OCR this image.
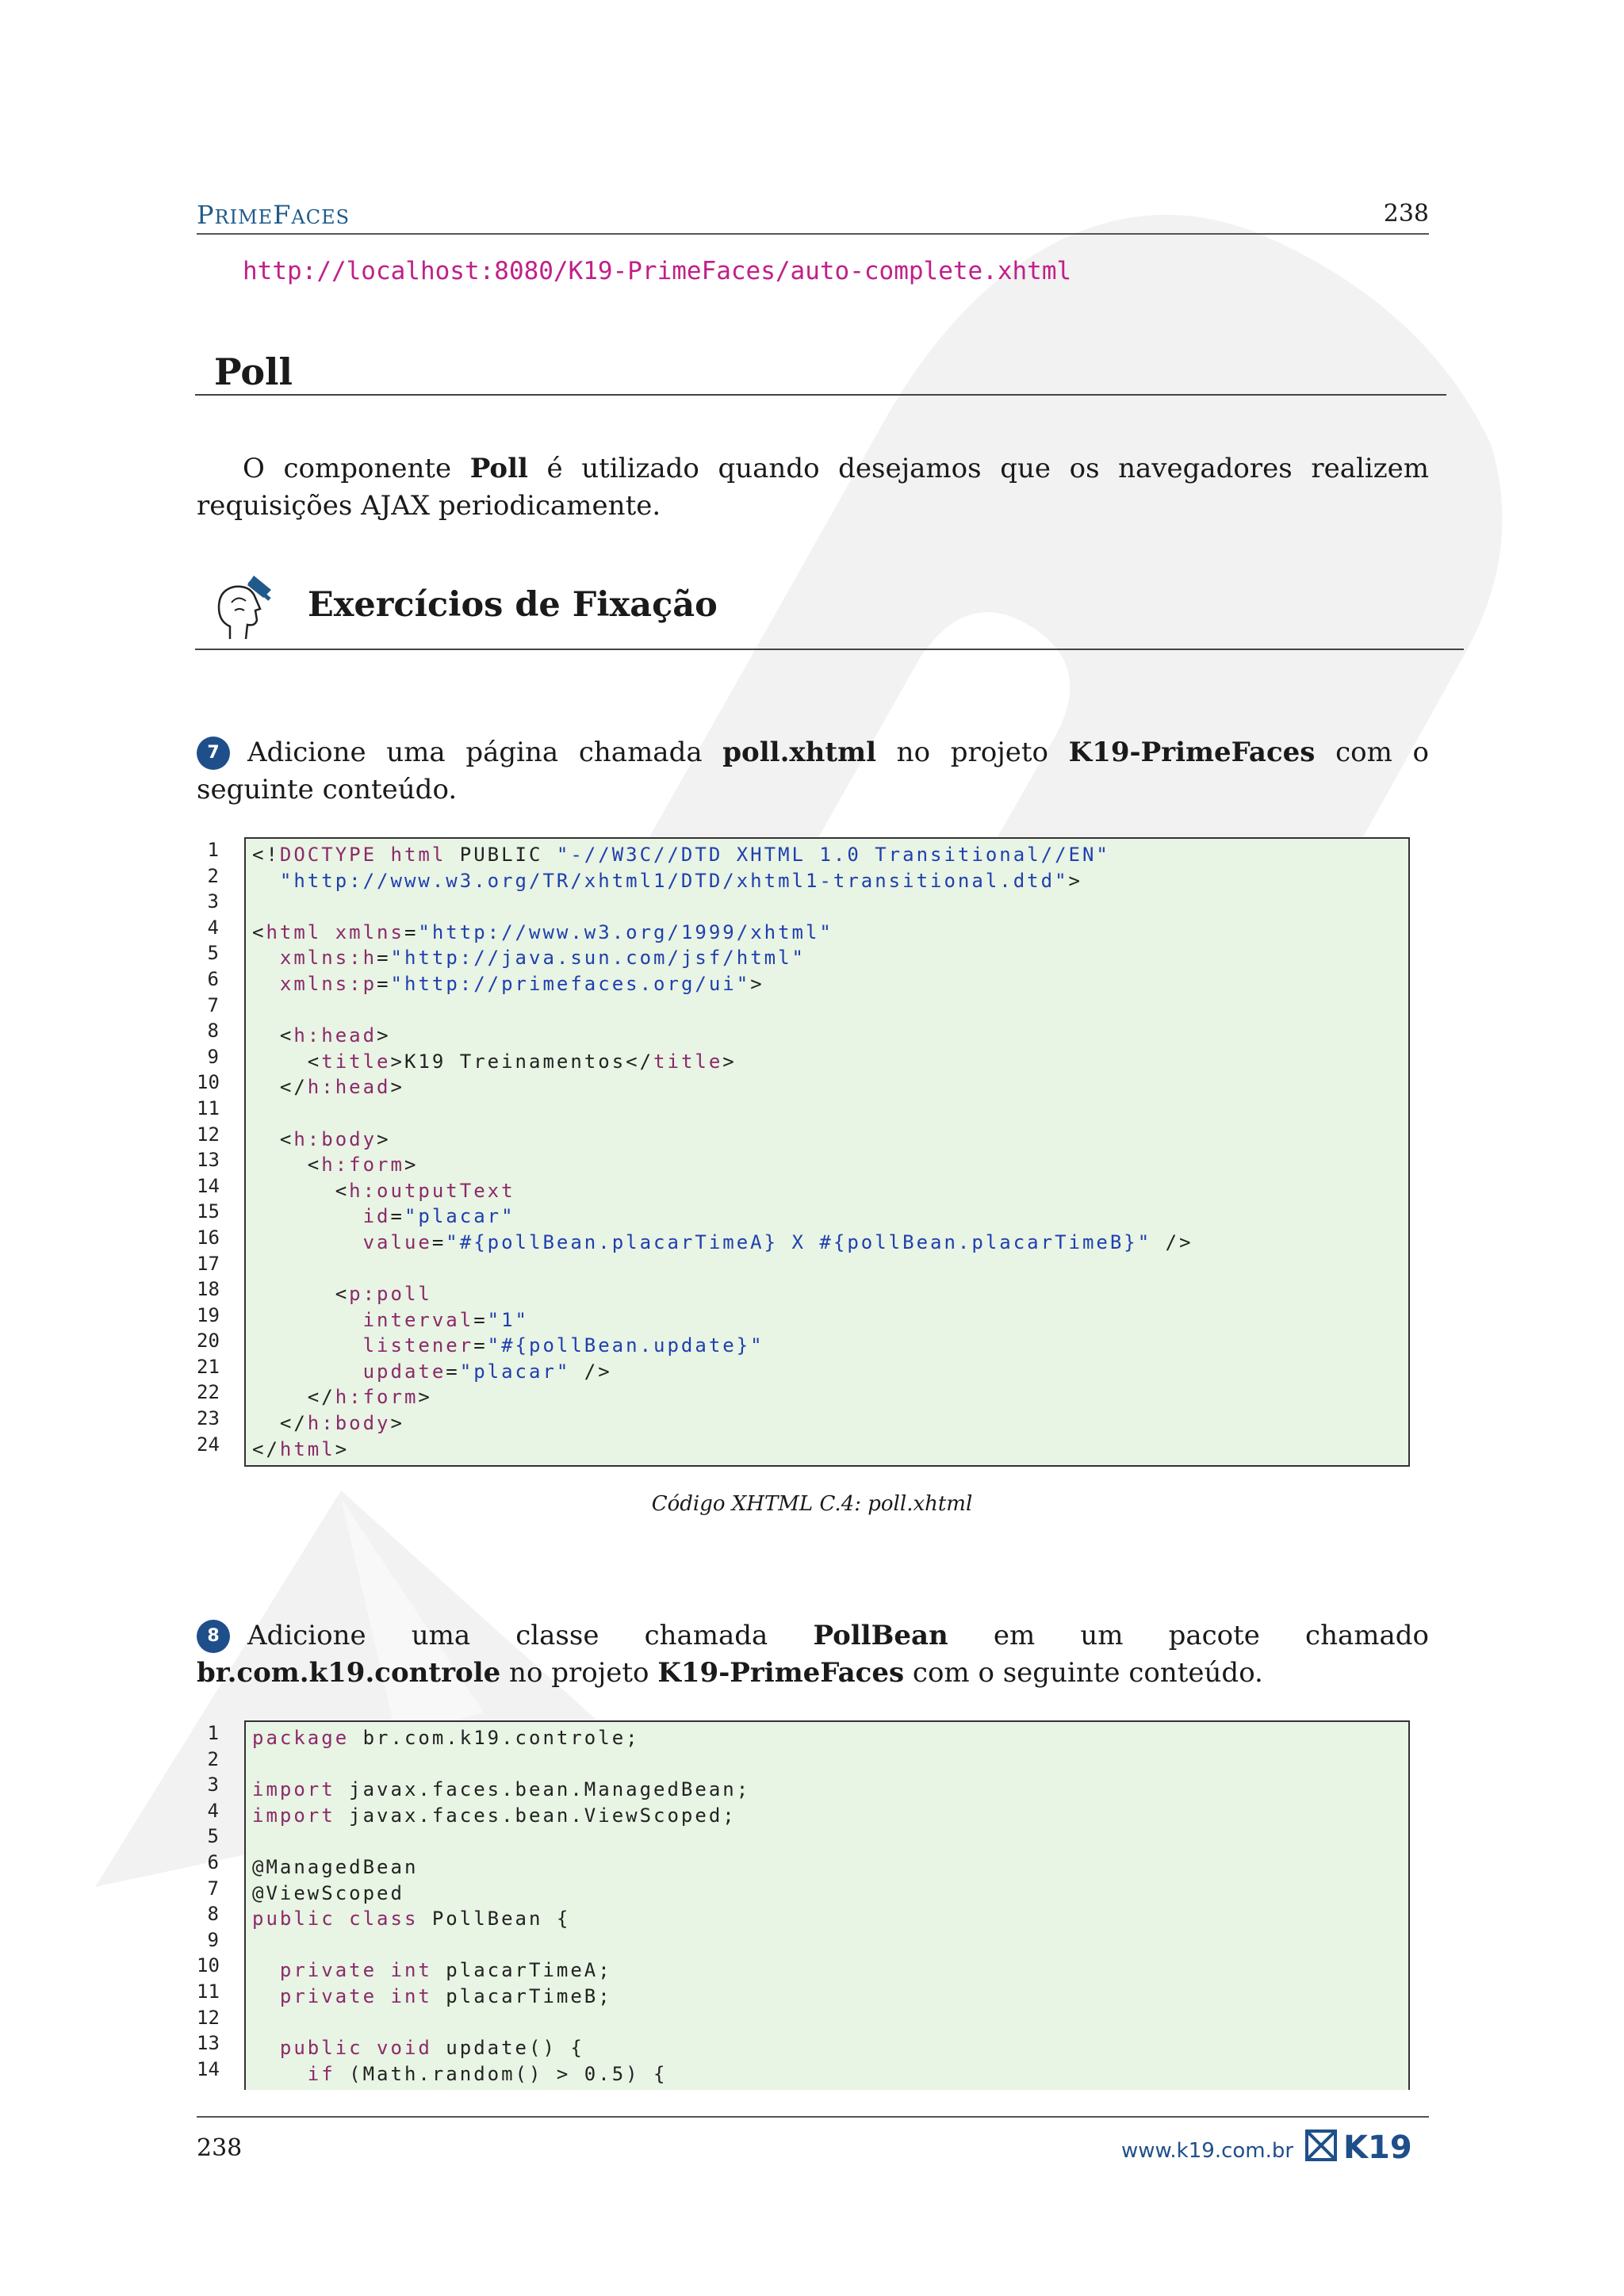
PRIMEFACES	238
http://localhost:8080/K19-PrimeFaces/auto-complete.xhtml
Poll
O componente Poll é utilizado quando desejamos que os navegadores realizem requisições AJAX periodicamente.
Exercícios de Fixação
7 Adicione uma página chamada poll.xhtml no projeto K19-PrimeFaces com o seguinte conteúdo.
1
2
3
4
5
6
7
8
9
10
11
12
13
14
15
16
17
18
19
20
21
22
23
24
<!DOCTYPE html PUBLIC "-//W3C//DTD XHTML 1.0 Transitional//EN"
"http://www.w3.org/TR/xhtml1/DTD/xhtml1-transitional.dtd">

<html xmlns="http://www.w3.org/1999/xhtml"
xmlns:h="http://java.sun.com/jsf/html"
xmlns:p="http://primefaces.org/ui">

<h:head>
<title>K19 Treinamentos</title>
</h:head>

<h:body>
<h:form>
<h:outputText
id="placar"
value="#{pollBean.placarTimeA} X #{pollBean.placarTimeB}" />

<p:poll
interval="1"
listener="#{pollBean.update}"
update="placar" />
</h:form>
</h:body>
</html>
Código XHTML C.4: poll.xhtml
8 Adicione uma classe chamada PollBean em um pacote chamado br.com.k19.controle no projeto K19-PrimeFaces com o seguinte conteúdo.
1
2
3
4
5
6
7
8
9
10
11
12
13
14
package br.com.k19.controle;

import javax.faces.bean.ManagedBean;
import javax.faces.bean.ViewScoped;

@ManagedBean
@ViewScoped
public class PollBean {

private int placarTimeA;
private int placarTimeB;

public void update() {
if (Math.random() > 0.5) {
238	www.k19.com.br K19
